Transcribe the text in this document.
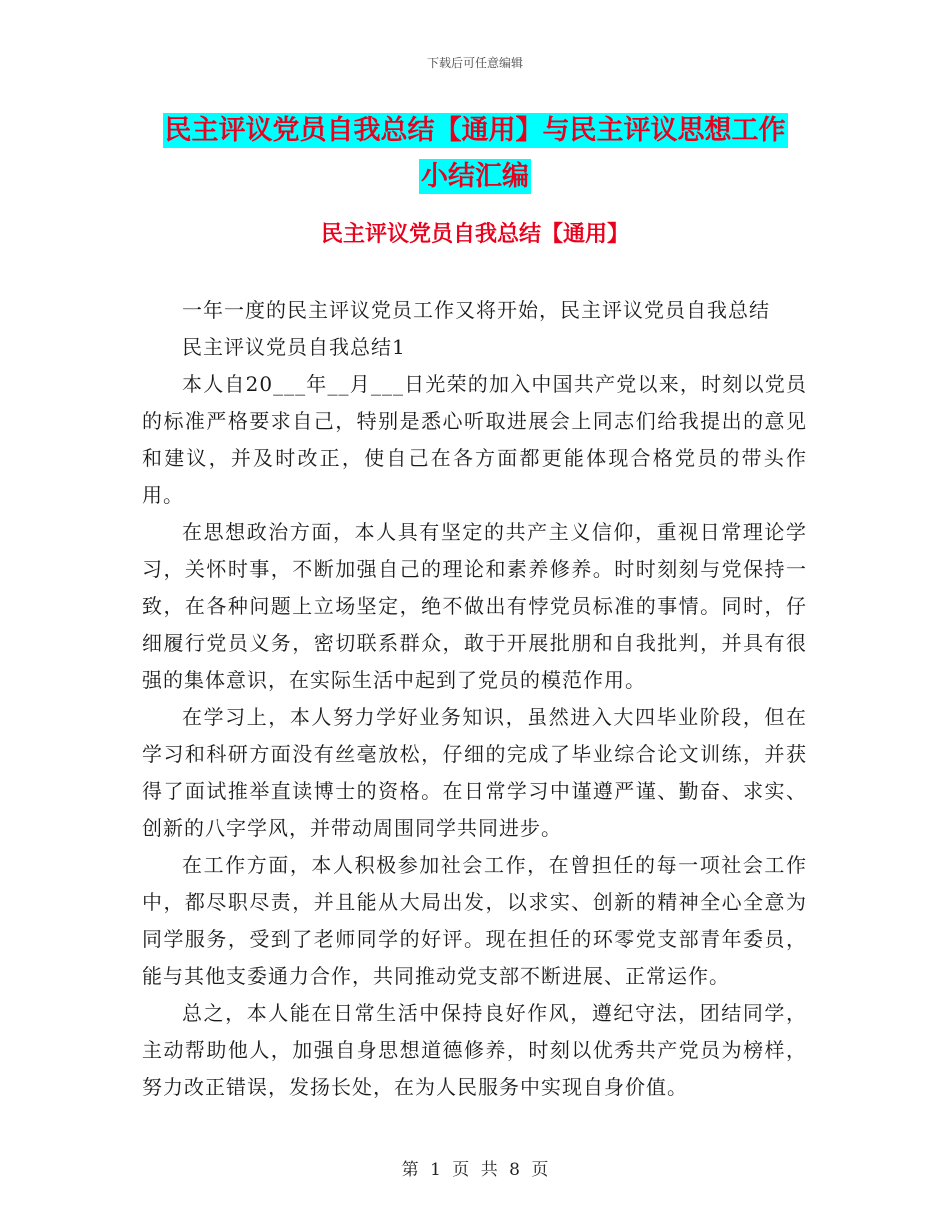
下载后可任意编辑
民主评议党员自我总结【通用】与民主评议思想工作
小结汇编
民主评议党员自我总结【通用】

一年一度的民主评议党员工作又将开始，民主评议党员自我总结

民主评议党员自我总结1

本人自20___年__月___日光荣的加入中国共产党以来，时刻以党员的标准严格要求自己，特别是悉心听取进展会上同志们给我提出的意见和建议，并及时改正，使自己在各方面都更能体现合格党员的带头作用。

在思想政治方面，本人具有坚定的共产主义信仰，重视日常理论学习，关怀时事，不断加强自己的理论和素养修养。时时刻刻与党保持一致，在各种问题上立场坚定，绝不做出有悖党员标准的事情。同时，仔细履行党员义务，密切联系群众，敢于开展批朋和自我批判，并具有很强的集体意识，在实际生活中起到了党员的模范作用。

在学习上，本人努力学好业务知识，虽然进入大四毕业阶段，但在学习和科研方面没有丝毫放松，仔细的完成了毕业综合论文训练，并获得了面试推举直读博士的资格。在日常学习中谨遵严谨、勤奋、求实、创新的八字学风，并带动周围同学共同进步。

在工作方面，本人积极参加社会工作，在曾担任的每一项社会工作中，都尽职尽责，并且能从大局出发，以求实、创新的精神全心全意为同学服务，受到了老师同学的好评。现在担任的环零党支部青年委员，能与其他支委通力合作，共同推动党支部不断进展、正常运作。

总之，本人能在日常生活中保持良好作风，遵纪守法，团结同学，主动帮助他人，加强自身思想道德修养，时刻以优秀共产党员为榜样，努力改正错误，发扬长处，在为人民服务中实现自身价值。

第 1 页 共 8 页
